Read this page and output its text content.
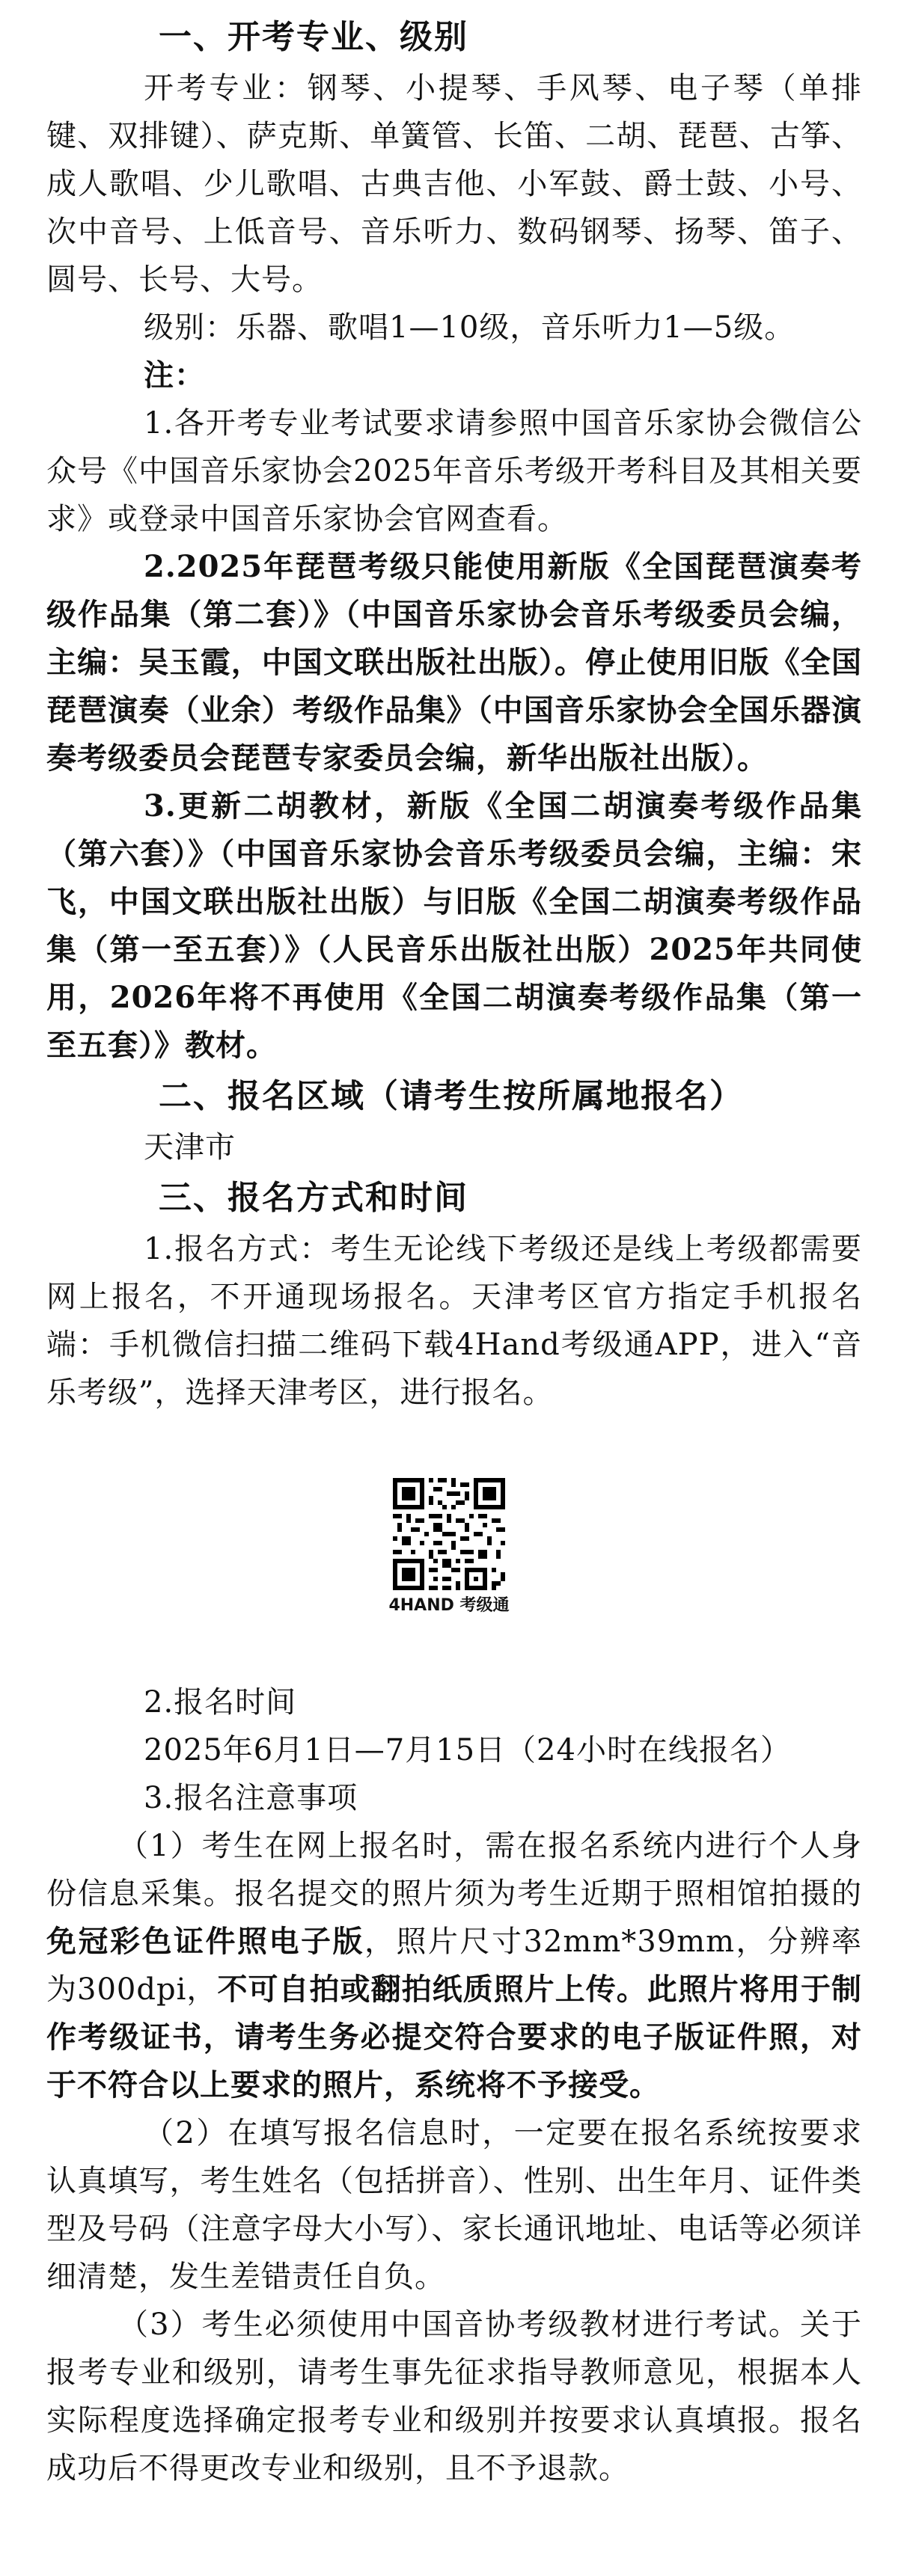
一、开考专业、级别

开考专业：钢琴、小提琴、手风琴、电子琴（单排键、双排键）、萨克斯、单簧管、长笛、二胡、琵琶、古筝、成人歌唱、少儿歌唱、古典吉他、小军鼓、爵士鼓、小号、次中音号、上低音号、音乐听力、数码钢琴、扬琴、笛子、圆号、长号、大号。

级别：乐器、歌唱1—10级，音乐听力1—5级。

注：

1.各开考专业考试要求请参照中国音乐家协会微信公众号《中国音乐家协会2025年音乐考级开考科目及其相关要求》或登录中国音乐家协会官网查看。

2.2025年琵琶考级只能使用新版《全国琵琶演奏考级作品集（第二套）》（中国音乐家协会音乐考级委员会编，主编：吴玉霞，中国文联出版社出版）。停止使用旧版《全国琵琶演奏（业余）考级作品集》（中国音乐家协会全国乐器演奏考级委员会琵琶专家委员会编，新华出版社出版）。

3.更新二胡教材，新版《全国二胡演奏考级作品集（第六套）》（中国音乐家协会音乐考级委员会编，主编：宋飞，中国文联出版社出版）与旧版《全国二胡演奏考级作品集（第一至五套）》（人民音乐出版社出版）2025年共同使用，2026年将不再使用《全国二胡演奏考级作品集（第一至五套）》教材。

二、报名区域（请考生按所属地报名）

天津市

三、报名方式和时间

1.报名方式：考生无论线下考级还是线上考级都需要网上报名，不开通现场报名。天津考区官方指定手机报名端：手机微信扫描二维码下载4Hand考级通APP，进入“音乐考级”，选择天津考区，进行报名。

4HAND 考级通

2.报名时间

2025年6月1日—7月15日（24小时在线报名）

3.报名注意事项

（1）考生在网上报名时，需在报名系统内进行个人身份信息采集。报名提交的照片须为考生近期于照相馆拍摄的免冠彩色证件照电子版，照片尺寸32mm*39mm，分辨率为300dpi，不可自拍或翻拍纸质照片上传。此照片将用于制作考级证书，请考生务必提交符合要求的电子版证件照，对于不符合以上要求的照片，系统将不予接受。

（2）在填写报名信息时，一定要在报名系统按要求认真填写，考生姓名（包括拼音）、性别、出生年月、证件类型及号码（注意字母大小写）、家长通讯地址、电话等必须详细清楚，发生差错责任自负。

（3）考生必须使用中国音协考级教材进行考试。关于报考专业和级别，请考生事先征求指导教师意见，根据本人实际程度选择确定报考专业和级别并按要求认真填报。报名成功后不得更改专业和级别，且不予退款。
